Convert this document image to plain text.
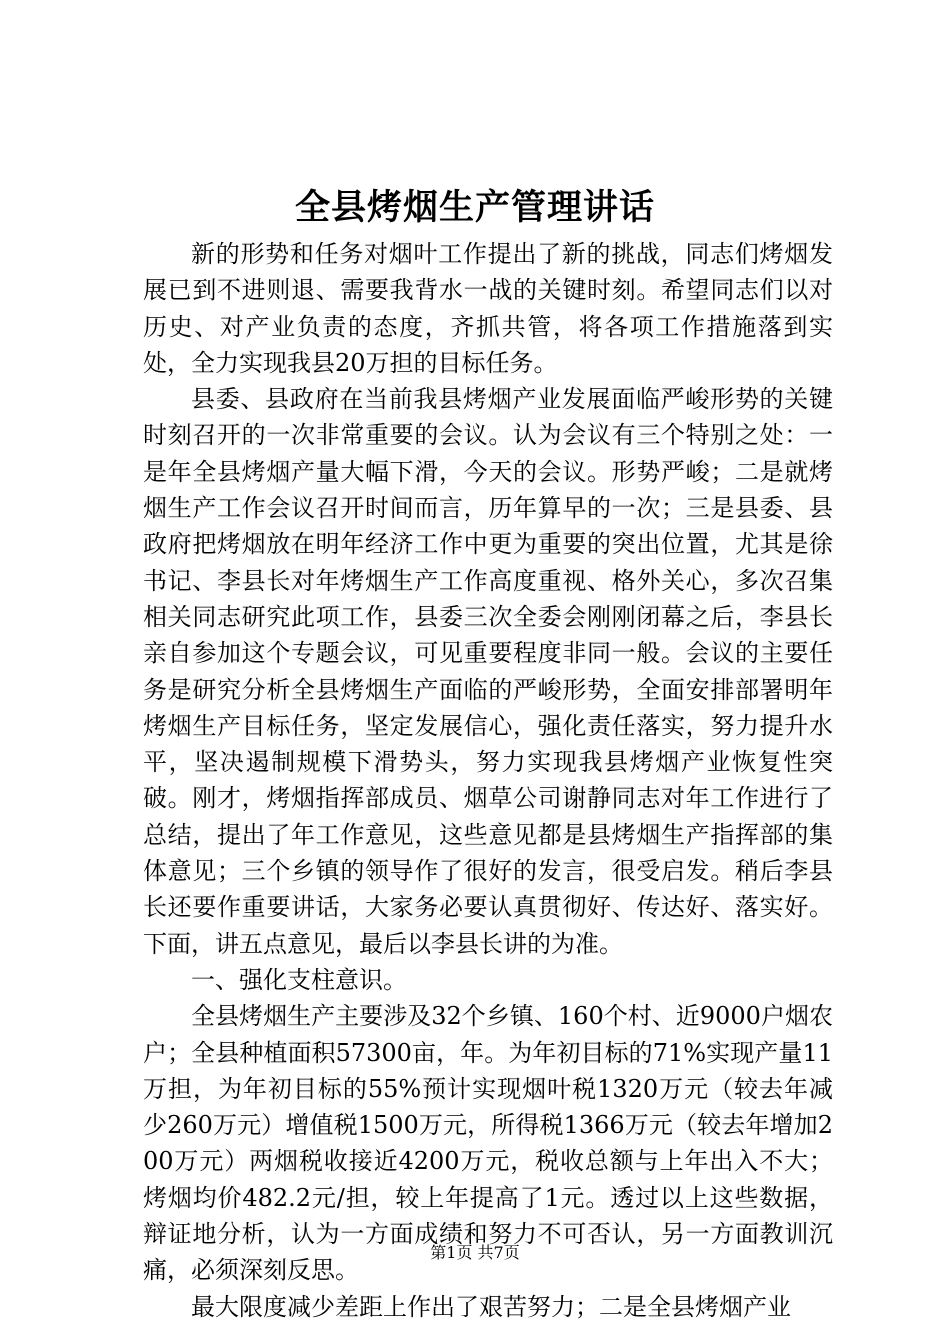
全县烤烟生产管理讲话

新的形势和任务对烟叶工作提出了新的挑战，同志们烤烟发展已到不进则退、需要我背水一战的关键时刻。希望同志们以对历史、对产业负责的态度，齐抓共管，将各项工作措施落到实处，全力实现我县20万担的目标任务。

县委、县政府在当前我县烤烟产业发展面临严峻形势的关键时刻召开的一次非常重要的会议。认为会议有三个特别之处：一是年全县烤烟产量大幅下滑，今天的会议。形势严峻；二是就烤烟生产工作会议召开时间而言，历年算早的一次；三是县委、县政府把烤烟放在明年经济工作中更为重要的突出位置，尤其是徐书记、李县长对年烤烟生产工作高度重视、格外关心，多次召集相关同志研究此项工作，县委三次全委会刚刚闭幕之后，李县长亲自参加这个专题会议，可见重要程度非同一般。会议的主要任务是研究分析全县烤烟生产面临的严峻形势，全面安排部署明年烤烟生产目标任务，坚定发展信心，强化责任落实，努力提升水平，坚决遏制规模下滑势头，努力实现我县烤烟产业恢复性突破。刚才，烤烟指挥部成员、烟草公司谢静同志对年工作进行了总结，提出了年工作意见，这些意见都是县烤烟生产指挥部的集体意见；三个乡镇的领导作了很好的发言，很受启发。稍后李县长还要作重要讲话，大家务必要认真贯彻好、传达好、落实好。下面，讲五点意见，最后以李县长讲的为准。

一、强化支柱意识。

全县烤烟生产主要涉及32个乡镇、160个村、近9000户烟农户；全县种植面积57300亩，年。为年初目标的71%实现产量11万担，为年初目标的55%预计实现烟叶税1320万元（较去年减少260万元）增值税1500万元，所得税1366万元（较去年增加200万元）两烟税收接近4200万元，税收总额与上年出入不大；烤烟均价482.2元/担，较上年提高了1元。透过以上这些数据，辩证地分析，认为一方面成绩和努力不可否认，另一方面教训沉痛，必须深刻反思。

最大限度减少差距上作出了艰苦努力；二是全县烤烟产业

第1页 共7页
